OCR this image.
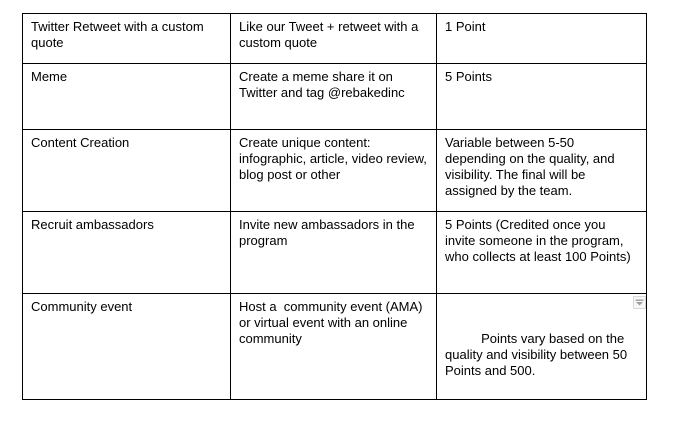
Twitter Retweet with a custom quote	Like our Tweet + retweet with a custom quote	1 Point
Meme	Create a meme share it on Twitter and tag @rebakedinc	5 Points
Content Creation	Create unique content: infographic, article, video review, blog post or other	Variable between 5-50 depending on the quality, and visibility. The final will be assigned by the team.
Recruit ambassadors	Invite new ambassadors in the program	5 Points (Credited once you invite someone in the program, who collects at least 100 Points)
Community event	Host a  community event (AMA) or virtual event with an online community	Points vary based on the quality and visibility between 50 Points and 500.
